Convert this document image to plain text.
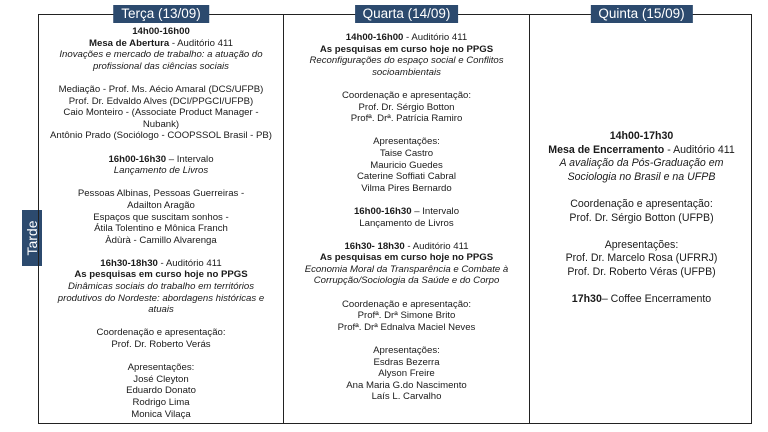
Tarde
Terça (13/09)
14h00-16h00
Mesa de Abertura - Auditório 411
Inovações e mercado de trabalho: a atuação do
profissional das ciências sociais
Mediação - Prof. Ms. Aécio Amaral (DCS/UFPB)
Prof. Dr. Edvaldo Alves (DCI/PPGCI/UFPB)
Caio Monteiro - (Associate Product Manager -
Nubank)
Antônio Prado (Sociólogo - COOPSSOL Brasil - PB)
16h00-16h30 – Intervalo
Lançamento de Livros
Pessoas Albinas, Pessoas Guerreiras -
Adailton Aragão
Espaços que suscitam sonhos -
Átila Tolentino e Mônica Franch
Àdùrà - Camillo Alvarenga
16h30-18h30 - Auditório 411
As pesquisas em curso hoje no PPGS
Dinâmicas sociais do trabalho em territórios
produtivos do Nordeste: abordagens históricas e
atuais
Coordenação e apresentação:
Prof. Dr. Roberto Verás
Apresentações:
José Cleyton
Eduardo Donato
Rodrigo Lima
Monica Vilaça
Quarta (14/09)
14h00-16h00 - Auditório 411
As pesquisas em curso hoje no PPGS
Reconfigurações do espaço social e Conflitos
socioambientais
Coordenação e apresentação:
Prof. Dr. Sérgio Botton
Profª. Drª. Patrícia Ramiro
Apresentações:
Taise Castro
Mauricio Guedes
Caterine Soffiati Cabral
Vilma Pires Bernardo
16h00-16h30 – Intervalo
Lançamento de Livros
16h30- 18h30 - Auditório 411
As pesquisas em curso hoje no PPGS
Economia Moral da Transparência e Combate à
Corrupção/Sociologia da Saúde e do Corpo
Coordenação e apresentação:
Profª. Drª Simone Brito
Profª. Drª Ednalva Maciel Neves
Apresentações:
Esdras Bezerra
Alyson Freire
Ana Maria G.do Nascimento
Laís L. Carvalho
Quinta (15/09)
14h00-17h30
Mesa de Encerramento - Auditório 411
A avaliação da Pós-Graduação em
Sociologia no Brasil e na UFPB
Coordenação e apresentação:
Prof. Dr. Sérgio Botton (UFPB)
Apresentações:
Prof. Dr. Marcelo Rosa (UFRRJ)
Prof. Dr. Roberto Véras (UFPB)
17h30– Coffee Encerramento
